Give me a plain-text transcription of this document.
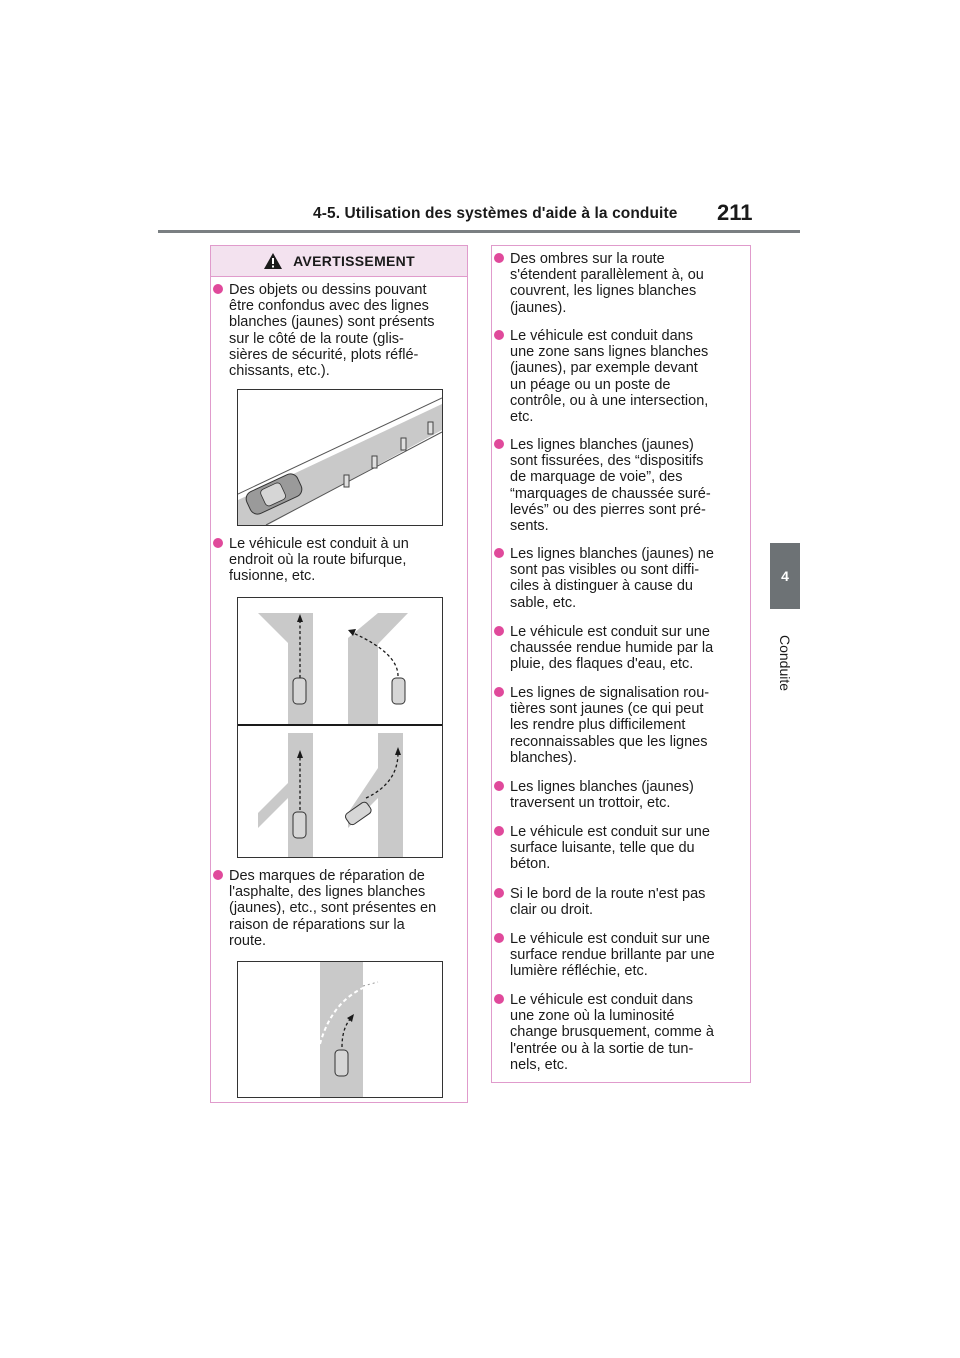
4-5. Utilisation des systèmes d'aide à la conduite 211
4
Conduite
AVERTISSEMENT
Des objets ou dessins pouvant
être confondus avec des lignes
blanches (jaunes) sont présents
sur le côté de la route (glis-
sières de sécurité, plots réflé-
chissants, etc.).
Le véhicule est conduit à un
endroit où la route bifurque,
fusionne, etc.
Des marques de réparation de
l'asphalte, des lignes blanches
(jaunes), etc., sont présentes en
raison de réparations sur la
route.
Des ombres sur la route
s'étendent parallèlement à, ou
couvrent, les lignes blanches
(jaunes).
Le véhicule est conduit dans
une zone sans lignes blanches
(jaunes), par exemple devant
un péage ou un poste de
contrôle, ou à une intersection,
etc.
Les lignes blanches (jaunes)
sont fissurées, des “dispositifs
de marquage de voie”, des
“marquages de chaussée suré-
levés” ou des pierres sont pré-
sents.
Les lignes blanches (jaunes) ne
sont pas visibles ou sont diffi-
ciles à distinguer à cause du
sable, etc.
Le véhicule est conduit sur une
chaussée rendue humide par la
pluie, des flaques d'eau, etc.
Les lignes de signalisation rou-
tières sont jaunes (ce qui peut
les rendre plus difficilement
reconnaissables que les lignes
blanches).
Les lignes blanches (jaunes)
traversent un trottoir, etc.
Le véhicule est conduit sur une
surface luisante, telle que du
béton.
Si le bord de la route n'est pas
clair ou droit.
Le véhicule est conduit sur une
surface rendue brillante par une
lumière réfléchie, etc.
Le véhicule est conduit dans
une zone où la luminosité
change brusquement, comme à
l'entrée ou à la sortie de tun-
nels, etc.
